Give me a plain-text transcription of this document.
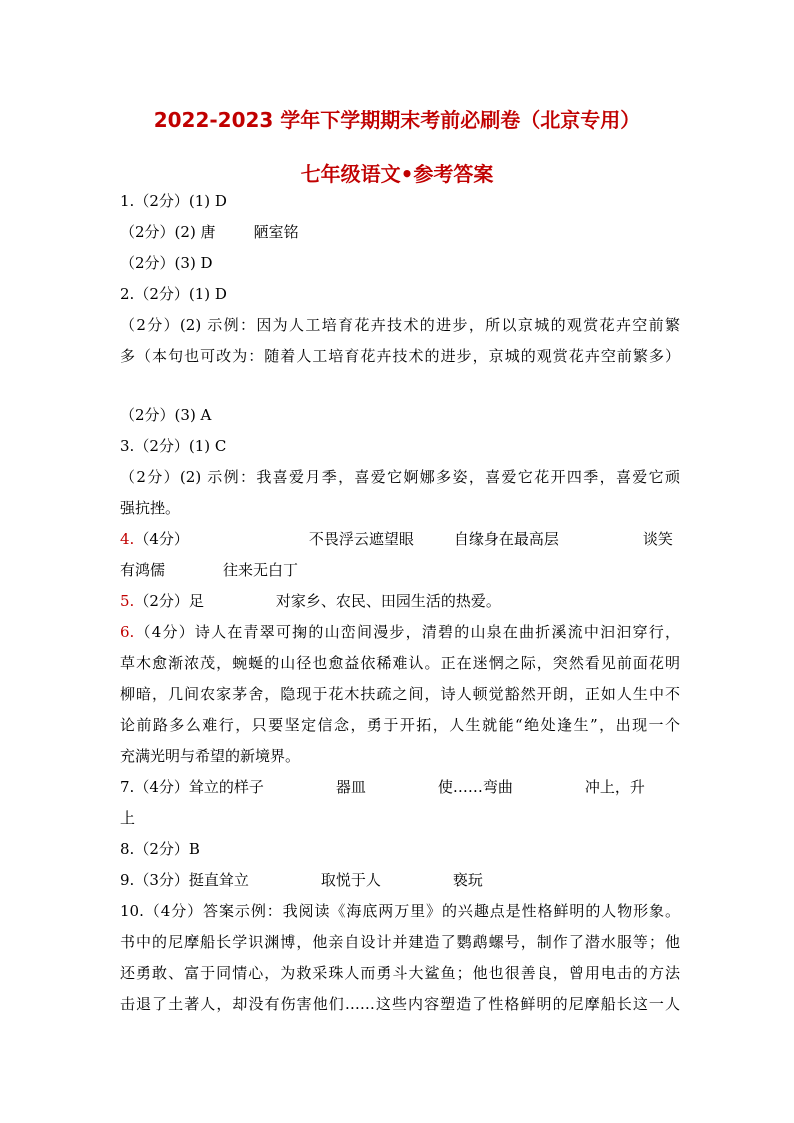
2022-2023 学年下学期期末考前必刷卷（北京专用）
七年级语文•参考答案
1.（2分）(1) D
（2分）(2) 唐	陋室铭
（2分）(3) D
2.（2分）(1) D
（2分）(2) 示例：因为人工培育花卉技术的进步，所以京城的观赏花卉空前繁
多（本句也可改为：随着人工培育花卉技术的进步，京城的观赏花卉空前繁多）
（2分）(3) A
3.（2分）(1) C
（2分）(2) 示例：我喜爱月季，喜爱它婀娜多姿，喜爱它花开四季，喜爱它顽
强抗挫。
4.（4分）	不畏浮云遮望眼	自缘身在最高层	谈笑
有鸿儒	往来无白丁
5.（2分）足	对家乡、农民、田园生活的热爱。
6.（4分）诗人在青翠可掬的山峦间漫步，清碧的山泉在曲折溪流中汩汩穿行，
草木愈渐浓茂，蜿蜒的山径也愈益依稀难认。正在迷惘之际，突然看见前面花明
柳暗，几间农家茅舍，隐现于花木扶疏之间，诗人顿觉豁然开朗，正如人生中不
论前路多么难行，只要坚定信念，勇于开拓，人生就能“绝处逢生”，出现一个
充满光明与希望的新境界。
7.（4分）耸立的样子	器皿	使……弯曲	冲上，升
上
8.（2分）B
9.（3分）挺直耸立	取悦于人	亵玩
10.（4分）答案示例：我阅读《海底两万里》的兴趣点是性格鲜明的人物形象。
书中的尼摩船长学识渊博，他亲自设计并建造了鹦鹉螺号，制作了潜水服等；他
还勇敢、富于同情心，为救采珠人而勇斗大鲨鱼；他也很善良，曾用电击的方法
击退了土著人，却没有伤害他们……这些内容塑造了性格鲜明的尼摩船长这一人
